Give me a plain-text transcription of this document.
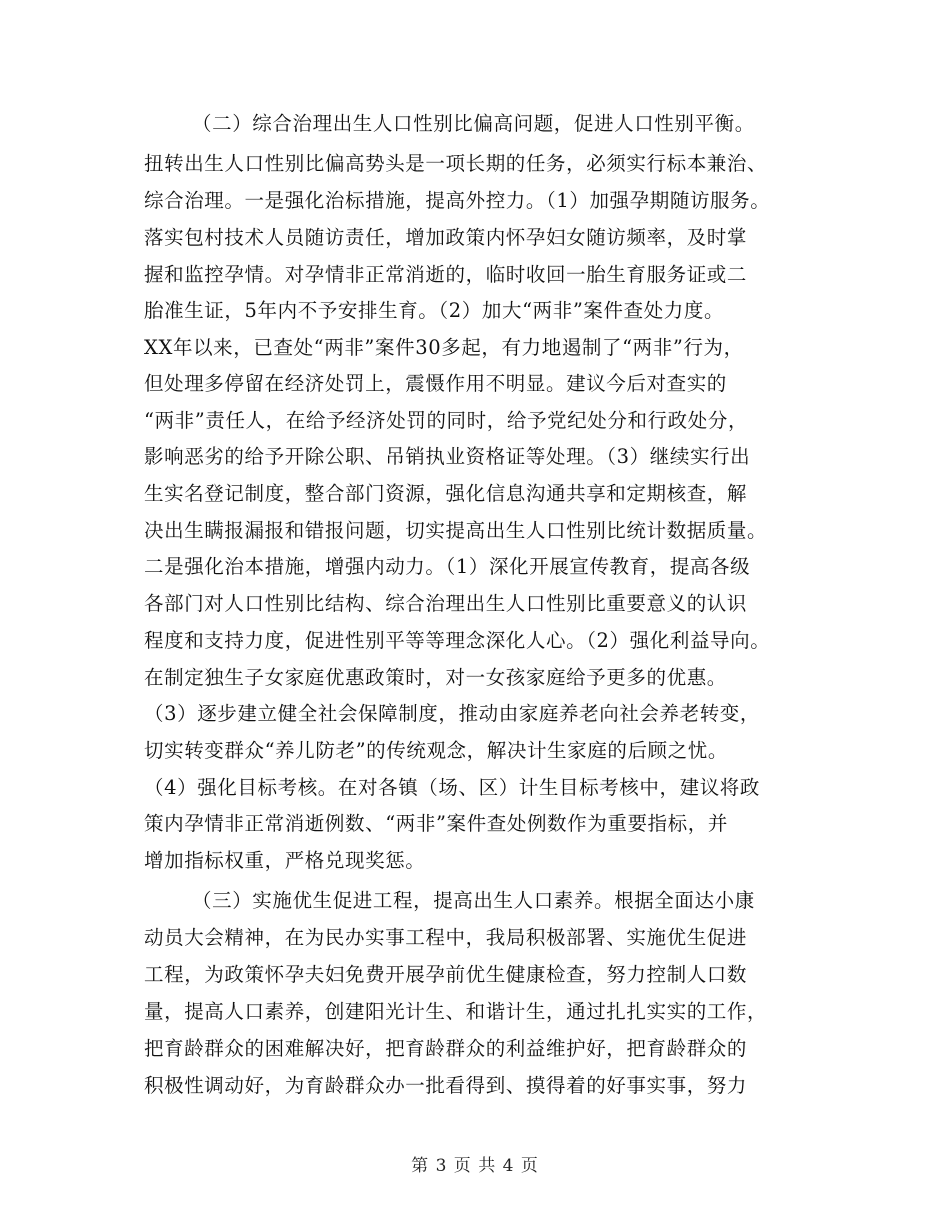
（二）综合治理出生人口性别比偏高问题，促进人口性别平衡。
扭转出生人口性别比偏高势头是一项长期的任务，必须实行标本兼治、
综合治理。一是强化治标措施，提高外控力。（1）加强孕期随访服务。
落实包村技术人员随访责任，增加政策内怀孕妇女随访频率，及时掌
握和监控孕情。对孕情非正常消逝的，临时收回一胎生育服务证或二
胎准生证，5年内不予安排生育。（2）加大“两非”案件查处力度。
XX年以来，已查处“两非”案件30多起，有力地遏制了“两非”行为，
但处理多停留在经济处罚上，震慑作用不明显。建议今后对查实的
“两非”责任人，在给予经济处罚的同时，给予党纪处分和行政处分，
影响恶劣的给予开除公职、吊销执业资格证等处理。（3）继续实行出
生实名登记制度，整合部门资源，强化信息沟通共享和定期核查，解
决出生瞒报漏报和错报问题，切实提高出生人口性别比统计数据质量。
二是强化治本措施，增强内动力。（1）深化开展宣传教育，提高各级
各部门对人口性别比结构、综合治理出生人口性别比重要意义的认识
程度和支持力度，促进性别平等等理念深化人心。（2）强化利益导向。
在制定独生子女家庭优惠政策时，对一女孩家庭给予更多的优惠。
（3）逐步建立健全社会保障制度，推动由家庭养老向社会养老转变，
切实转变群众“养儿防老”的传统观念，解决计生家庭的后顾之忧。
（4）强化目标考核。在对各镇（场、区）计生目标考核中，建议将政
策内孕情非正常消逝例数、“两非”案件查处例数作为重要指标，并
增加指标权重，严格兑现奖惩。
（三）实施优生促进工程，提高出生人口素养。根据全面达小康
动员大会精神，在为民办实事工程中，我局积极部署、实施优生促进
工程，为政策怀孕夫妇免费开展孕前优生健康检查，努力控制人口数
量，提高人口素养，创建阳光计生、和谐计生，通过扎扎实实的工作，
把育龄群众的困难解决好，把育龄群众的利益维护好，把育龄群众的
积极性调动好，为育龄群众办一批看得到、摸得着的好事实事，努力
第 3 页 共 4 页
